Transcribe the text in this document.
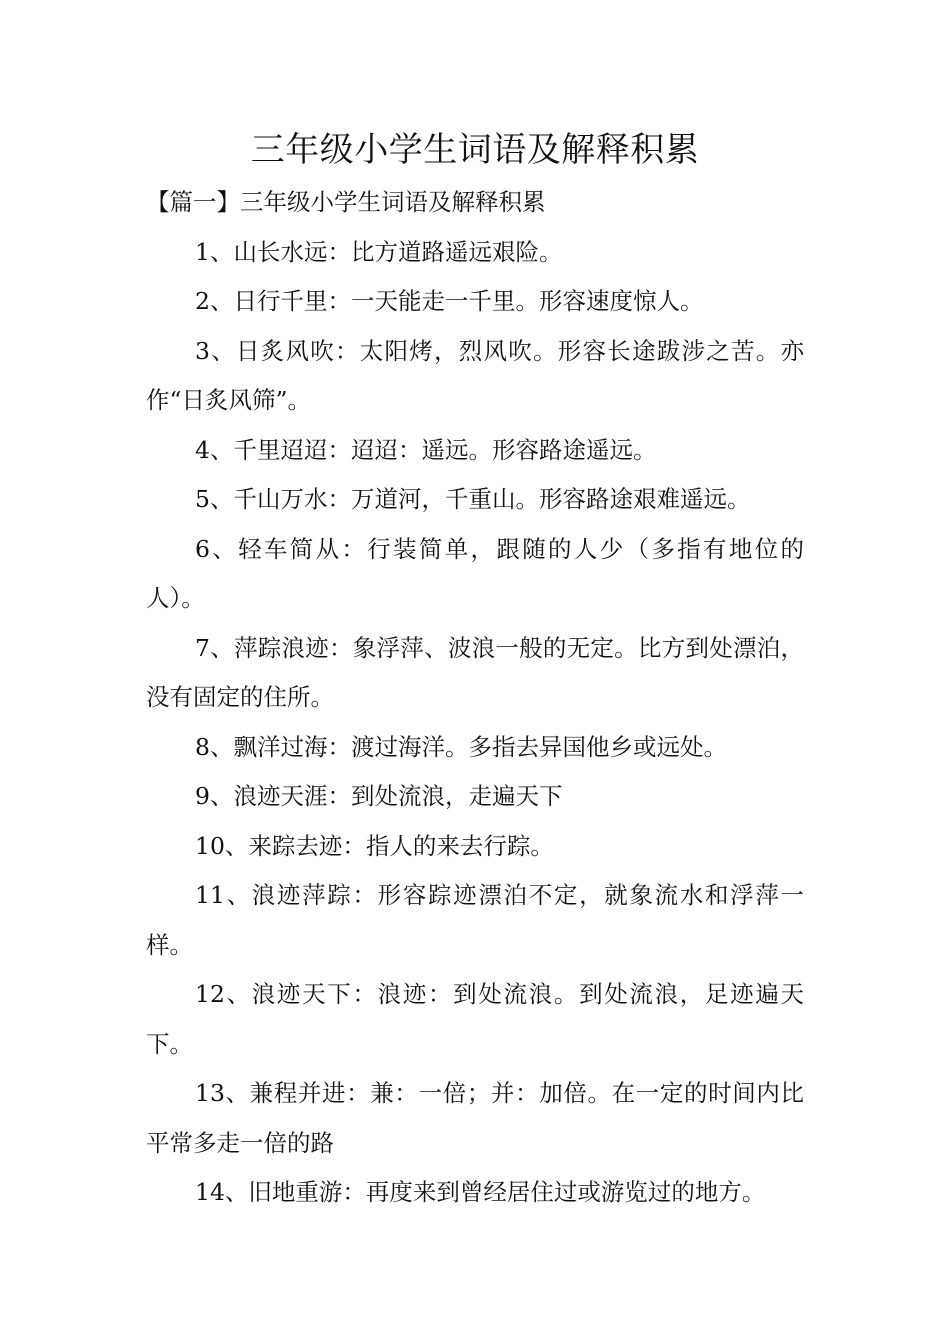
三年级小学生词语及解释积累
【篇一】三年级小学生词语及解释积累

1、山长水远：比方道路遥远艰险。

2、日行千里：一天能走一千里。形容速度惊人。

3、日炙风吹：太阳烤，烈风吹。形容长途跋涉之苦。亦作“日炙风筛”。

4、千里迢迢：迢迢：遥远。形容路途遥远。

5、千山万水：万道河，千重山。形容路途艰难遥远。

6、轻车简从：行装简单，跟随的人少（多指有地位的人）。

7、萍踪浪迹：象浮萍、波浪一般的无定。比方到处漂泊，没有固定的住所。

8、飘洋过海：渡过海洋。多指去异国他乡或远处。

9、浪迹天涯：到处流浪，走遍天下

10、来踪去迹：指人的来去行踪。

11、浪迹萍踪：形容踪迹漂泊不定，就象流水和浮萍一样。

12、浪迹天下：浪迹：到处流浪。到处流浪，足迹遍天下。

13、兼程并进：兼：一倍；并：加倍。在一定的时间内比平常多走一倍的路

14、旧地重游：再度来到曾经居住过或游览过的地方。
